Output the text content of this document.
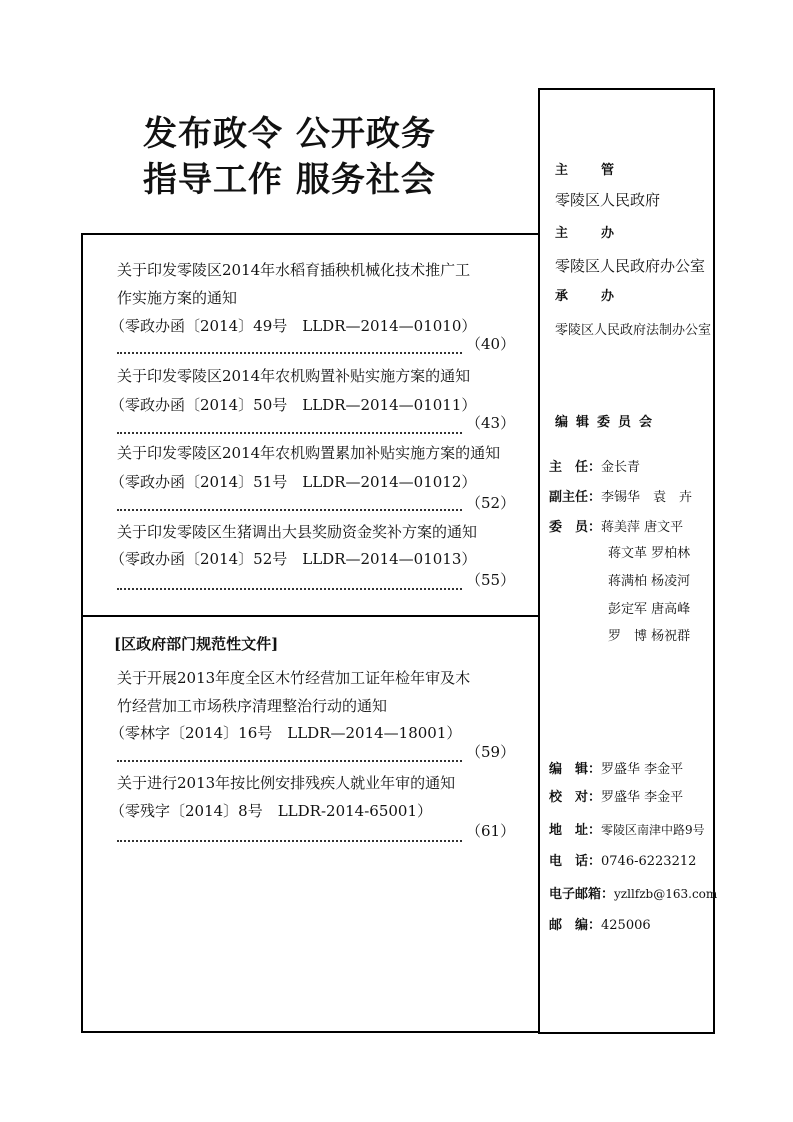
发布政令 公开政务
指导工作 服务社会
关于印发零陵区2014年水稻育插秧机械化技术推广工
作实施方案的通知
（零政办函〔2014〕49号　LLDR—2014—01010）
（40）
关于印发零陵区2014年农机购置补贴实施方案的通知
（零政办函〔2014〕50号　LLDR—2014—01011）
（43）
关于印发零陵区2014年农机购置累加补贴实施方案的通知
（零政办函〔2014〕51号　LLDR—2014—01012）
（52）
关于印发零陵区生猪调出大县奖励资金奖补方案的通知
（零政办函〔2014〕52号　LLDR—2014—01013）
（55）
[区政府部门规范性文件]
关于开展2013年度全区木竹经营加工证年检年审及木
竹经营加工市场秩序清理整治行动的通知
（零林字〔2014〕16号　LLDR—2014—18001）
（59）
关于进行2013年按比例安排残疾人就业年审的通知
（零残字〔2014〕8号　LLDR-2014-65001）
（61）
主　管
零陵区人民政府
主　办
零陵区人民政府办公室
承　办
零陵区人民政府法制办公室
编辑委员会
主　任：金长青
副主任：李锡华　袁　卉
委　员：蒋美萍 唐文平
蒋文革 罗柏林
蒋满柏 杨凌河
彭定军 唐高峰
罗　博 杨祝群
编　辑：罗盛华 李金平
校　对：罗盛华 李金平
地　址：零陵区南津中路9号
电　话：0746-6223212
电子邮箱：yzllfzb@163.com
邮　编：425006
